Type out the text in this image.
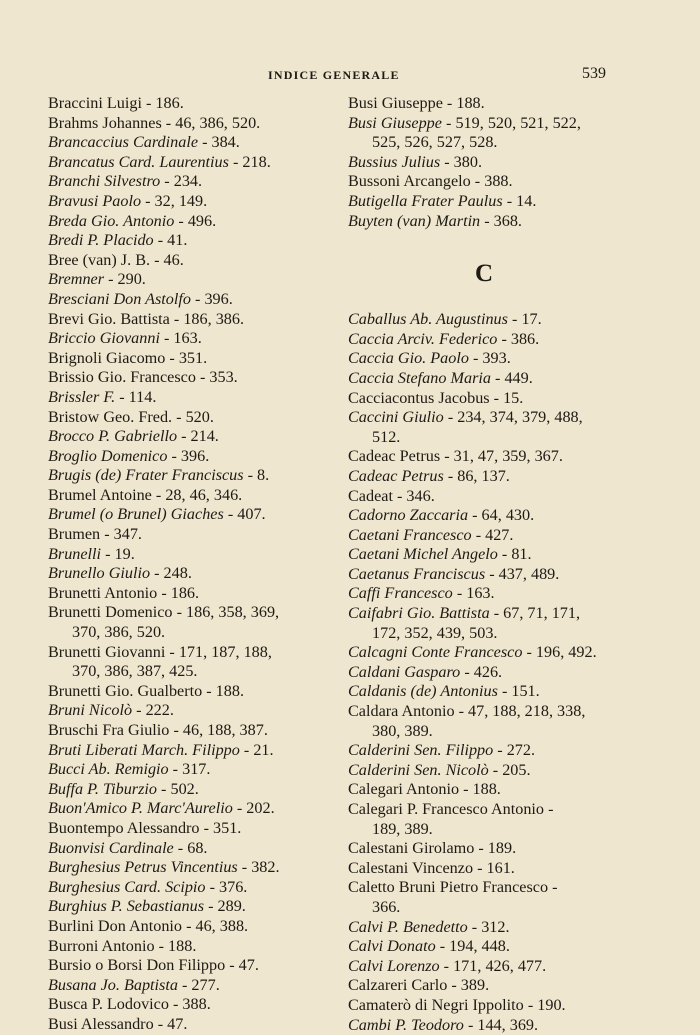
INDICE GENERALE	539
Braccini Luigi - 186.
Brahms Johannes - 46, 386, 520.
Brancaccius Cardinale - 384.
Brancatus Card. Laurentius - 218.
Branchi Silvestro - 234.
Bravusi Paolo - 32, 149.
Breda Gio. Antonio - 496.
Bredi P. Placido - 41.
Bree (van) J. B. - 46.
Bremner - 290.
Bresciani Don Astolfo - 396.
Brevi Gio. Battista - 186, 386.
Briccio Giovanni - 163.
Brignoli Giacomo - 351.
Brissio Gio. Francesco - 353.
Brissler F. - 114.
Bristow Geo. Fred. - 520.
Brocco P. Gabriello - 214.
Broglio Domenico - 396.
Brugis (de) Frater Franciscus - 8.
Brumel Antoine - 28, 46, 346.
Brumel (o Brunel) Giaches - 407.
Brumen - 347.
Brunelli - 19.
Brunello Giulio - 248.
Brunetti Antonio - 186.
Brunetti Domenico - 186, 358, 369,
370, 386, 520.
Brunetti Giovanni - 171, 187, 188,
370, 386, 387, 425.
Brunetti Gio. Gualberto - 188.
Bruni Nicolò - 222.
Bruschi Fra Giulio - 46, 188, 387.
Bruti Liberati March. Filippo - 21.
Bucci Ab. Remigio - 317.
Buffa P. Tiburzio - 502.
Buon'Amico P. Marc'Aurelio - 202.
Buontempo Alessandro - 351.
Buonvisi Cardinale - 68.
Burghesius Petrus Vincentius - 382.
Burghesius Card. Scipio - 376.
Burghius P. Sebastianus - 289.
Burlini Don Antonio - 46, 388.
Burroni Antonio - 188.
Bursio o Borsi Don Filippo - 47.
Busana Jo. Baptista - 277.
Busca P. Lodovico - 388.
Busi Alessandro - 47.
Busi Giuseppe - 188.
Busi Giuseppe - 519, 520, 521, 522,
525, 526, 527, 528.
Bussius Julius - 380.
Bussoni Arcangelo - 388.
Butigella Frater Paulus - 14.
Buyten (van) Martin - 368.
C
Caballus Ab. Augustinus - 17.
Caccia Arciv. Federico - 386.
Caccia Gio. Paolo - 393.
Caccia Stefano Maria - 449.
Cacciacontus Jacobus - 15.
Caccini Giulio - 234, 374, 379, 488,
512.
Cadeac Petrus - 31, 47, 359, 367.
Cadeac Petrus - 86, 137.
Cadeat - 346.
Cadorno Zaccaria - 64, 430.
Caetani Francesco - 427.
Caetani Michel Angelo - 81.
Caetanus Franciscus - 437, 489.
Caffi Francesco - 163.
Caifabri Gio. Battista - 67, 71, 171,
172, 352, 439, 503.
Calcagni Conte Francesco - 196, 492.
Caldani Gasparo - 426.
Caldanis (de) Antonius - 151.
Caldara Antonio - 47, 188, 218, 338,
380, 389.
Calderini Sen. Filippo - 272.
Calderini Sen. Nicolò - 205.
Calegari Antonio - 188.
Calegari P. Francesco Antonio -
189, 389.
Calestani Girolamo - 189.
Calestani Vincenzo - 161.
Caletto Bruni Pietro Francesco -
366.
Calvi P. Benedetto - 312.
Calvi Donato - 194, 448.
Calvi Lorenzo - 171, 426, 477.
Calzareri Carlo - 389.
Camaterò di Negri Ippolito - 190.
Cambi P. Teodoro - 144, 369.
